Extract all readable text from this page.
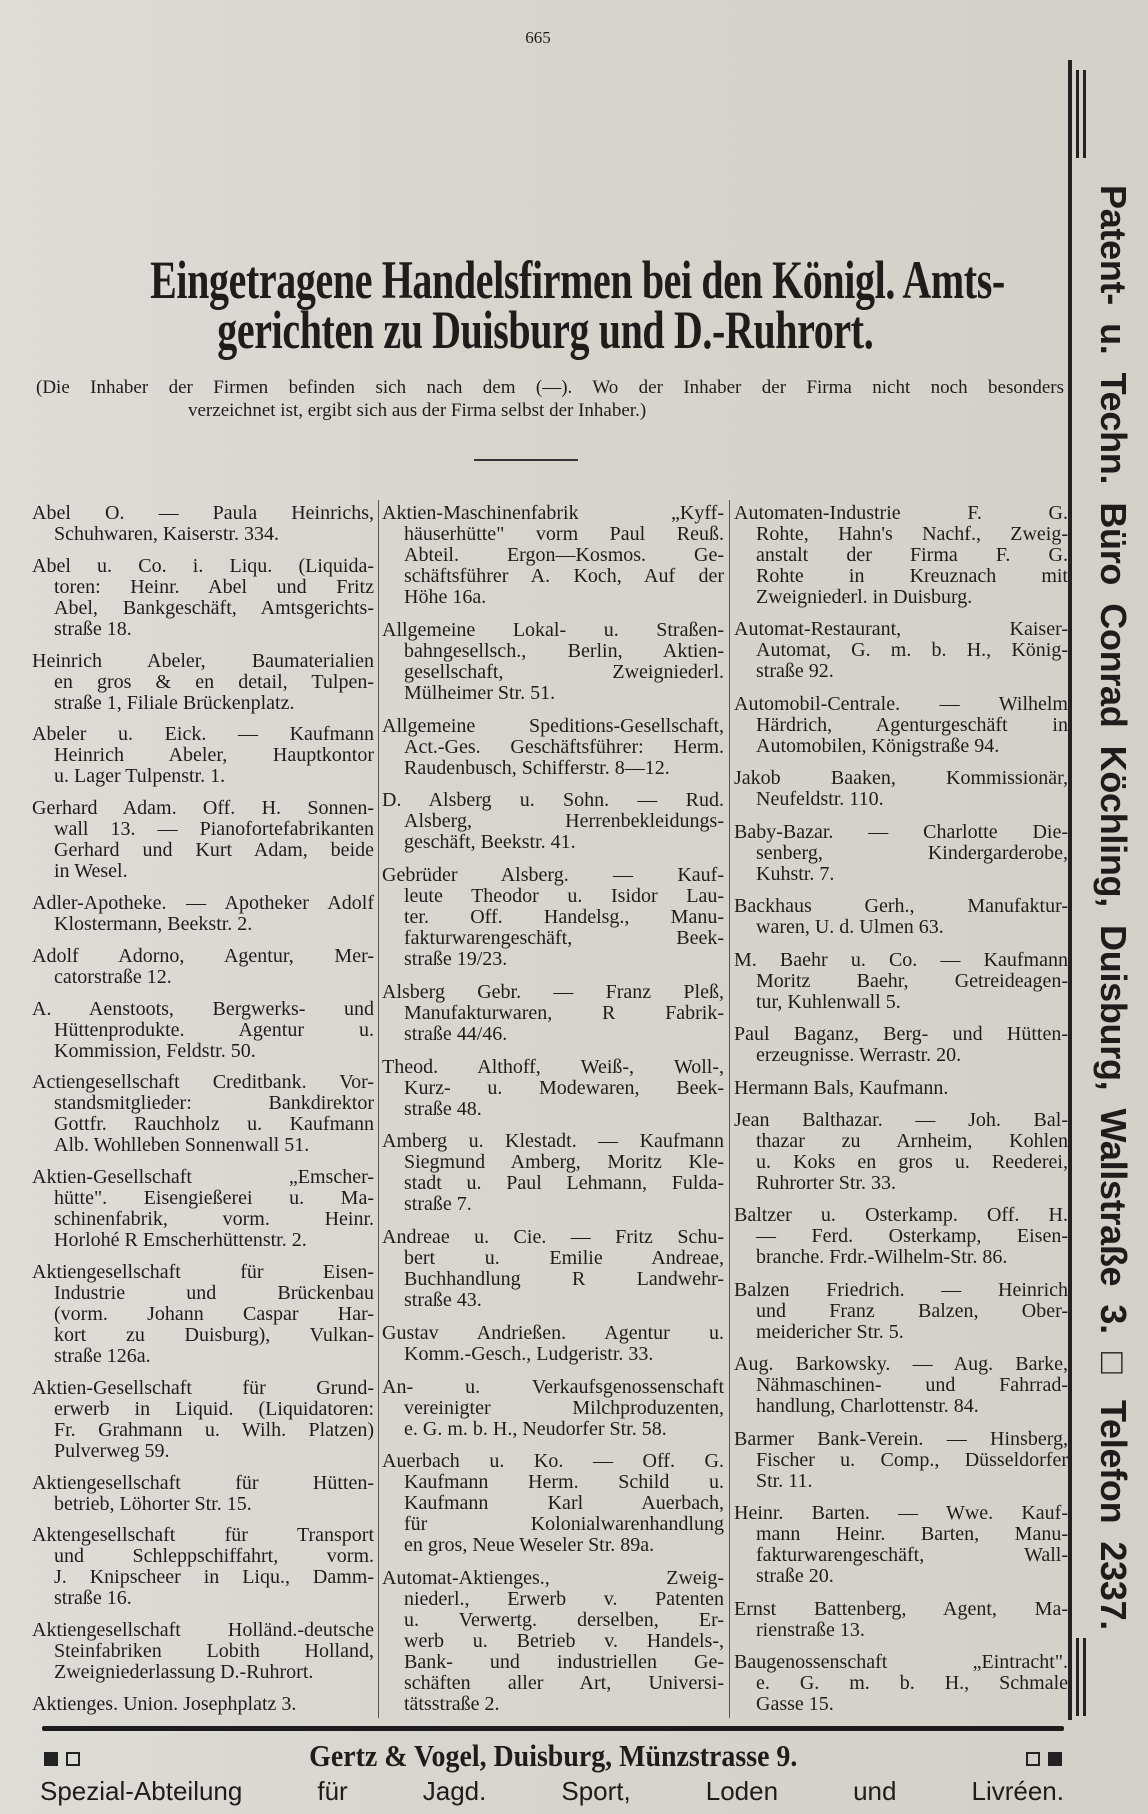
665
Eingetragene Handelsfirmen bei den Königl. Amts-
gerichten zu Duisburg und D.-Ruhrort.
(Die Inhaber der Firmen befinden sich nach dem (—). Wo der Inhaber der Firma nicht noch besonders
verzeichnet ist, ergibt sich aus der Firma selbst der Inhaber.)
Abel O. — Paula Heinrichs,
Schuhwaren, Kaiserstr. 334.
Abel u. Co. i. Liqu. (Liquida-
toren: Heinr. Abel und Fritz
Abel, Bankgeschäft, Amtsgerichts-
straße 18.
Heinrich Abeler, Baumaterialien
en gros & en detail, Tulpen-
straße 1, Filiale Brückenplatz.
Abeler u. Eick. — Kaufmann
Heinrich Abeler, Hauptkontor
u. Lager Tulpenstr. 1.
Gerhard Adam. Off. H. Sonnen-
wall 13. — Pianofortefabrikanten
Gerhard und Kurt Adam, beide
in Wesel.
Adler-Apotheke. — Apotheker Adolf
Klostermann, Beekstr. 2.
Adolf Adorno, Agentur, Mer-
catorstraße 12.
A. Aenstoots, Bergwerks- und
Hüttenprodukte. Agentur u.
Kommission, Feldstr. 50.
Actiengesellschaft Creditbank. Vor-
standsmitglieder: Bankdirektor
Gottfr. Rauchholz u. Kaufmann
Alb. Wohlleben Sonnenwall 51.
Aktien-Gesellschaft „Emscher-
hütte". Eisengießerei u. Ma-
schinenfabrik, vorm. Heinr.
Horlohé R Emscherhüttenstr. 2.
Aktiengesellschaft für Eisen-
Industrie und Brückenbau
(vorm. Johann Caspar Har-
kort zu Duisburg), Vulkan-
straße 126a.
Aktien-Gesellschaft für Grund-
erwerb in Liquid. (Liquidatoren:
Fr. Grahmann u. Wilh. Platzen)
Pulverweg 59.
Aktiengesellschaft für Hütten-
betrieb, Löhorter Str. 15.
Aktengesellschaft für Transport
und Schleppschiffahrt, vorm.
J. Knipscheer in Liqu., Damm-
straße 16.
Aktiengesellschaft Holländ.-deutsche
Steinfabriken Lobith Holland,
Zweigniederlassung D.-Ruhrort.
Aktienges. Union. Josephplatz 3.
Aktien-Maschinenfabrik „Kyff-
häuserhütte" vorm Paul Reuß.
Abteil. Ergon—Kosmos. Ge-
schäftsführer A. Koch, Auf der
Höhe 16a.
Allgemeine Lokal- u. Straßen-
bahngesellsch., Berlin, Aktien-
gesellschaft, Zweigniederl.
Mülheimer Str. 51.
Allgemeine Speditions-Gesellschaft,
Act.-Ges. Geschäftsführer: Herm.
Raudenbusch, Schifferstr. 8—12.
D. Alsberg u. Sohn. — Rud.
Alsberg, Herrenbekleidungs-
geschäft, Beekstr. 41.
Gebrüder Alsberg. — Kauf-
leute Theodor u. Isidor Lau-
ter. Off. Handelsg., Manu-
fakturwarengeschäft, Beek-
straße 19/23.
Alsberg Gebr. — Franz Pleß,
Manufakturwaren, R Fabrik-
straße 44/46.
Theod. Althoff, Weiß-, Woll-,
Kurz- u. Modewaren, Beek-
straße 48.
Amberg u. Klestadt. — Kaufmann
Siegmund Amberg, Moritz Kle-
stadt u. Paul Lehmann, Fulda-
straße 7.
Andreae u. Cie. — Fritz Schu-
bert u. Emilie Andreae,
Buchhandlung R Landwehr-
straße 43.
Gustav Andrießen. Agentur u.
Komm.-Gesch., Ludgeristr. 33.
An- u. Verkaufsgenossenschaft
vereinigter Milchproduzenten,
e. G. m. b. H., Neudorfer Str. 58.
Auerbach u. Ko. — Off. G.
Kaufmann Herm. Schild u.
Kaufmann Karl Auerbach,
für Kolonialwarenhandlung
en gros, Neue Weseler Str. 89a.
Automat-Aktienges., Zweig-
niederl., Erwerb v. Patenten
u. Verwertg. derselben, Er-
werb u. Betrieb v. Handels-,
Bank- und industriellen Ge-
schäften aller Art, Universi-
tätsstraße 2.
Automaten-Industrie F. G.
Rohte, Hahn's Nachf., Zweig-
anstalt der Firma F. G.
Rohte in Kreuznach mit
Zweigniederl. in Duisburg.
Automat-Restaurant, Kaiser-
Automat, G. m. b. H., König-
straße 92.
Automobil-Centrale. — Wilhelm
Härdrich, Agenturgeschäft in
Automobilen, Königstraße 94.
Jakob Baaken, Kommissionär,
Neufeldstr. 110.
Baby-Bazar. — Charlotte Die-
senberg, Kindergarderobe,
Kuhstr. 7.
Backhaus Gerh., Manufaktur-
waren, U. d. Ulmen 63.
M. Baehr u. Co. — Kaufmann
Moritz Baehr, Getreideagen-
tur, Kuhlenwall 5.
Paul Baganz, Berg- und Hütten-
erzeugnisse. Werrastr. 20.
Hermann Bals, Kaufmann.
Jean Balthazar. — Joh. Bal-
thazar zu Arnheim, Kohlen
u. Koks en gros u. Reederei,
Ruhrorter Str. 33.
Baltzer u. Osterkamp. Off. H.
— Ferd. Osterkamp, Eisen-
branche. Frdr.-Wilhelm-Str. 86.
Balzen Friedrich. — Heinrich
und Franz Balzen, Ober-
meidericher Str. 5.
Aug. Barkowsky. — Aug. Barke,
Nähmaschinen- und Fahrrad-
handlung, Charlottenstr. 84.
Barmer Bank-Verein. — Hinsberg,
Fischer u. Comp., Düsseldorfer
Str. 11.
Heinr. Barten. — Wwe. Kauf-
mann Heinr. Barten, Manu-
fakturwarengeschäft, Wall-
straße 20.
Ernst Battenberg, Agent, Ma-
rienstraße 13.
Baugenossenschaft „Eintracht".
e. G. m. b. H., Schmale
Gasse 15.
Patent- u. Techn. Büro Conrad Köchling, Duisburg, Wallstraße 3. □ Telefon 2337.
Gertz & Vogel, Duisburg, Münzstrasse 9.
Spezial-Abteilung für Jagd. Sport, Loden und Livréen.
